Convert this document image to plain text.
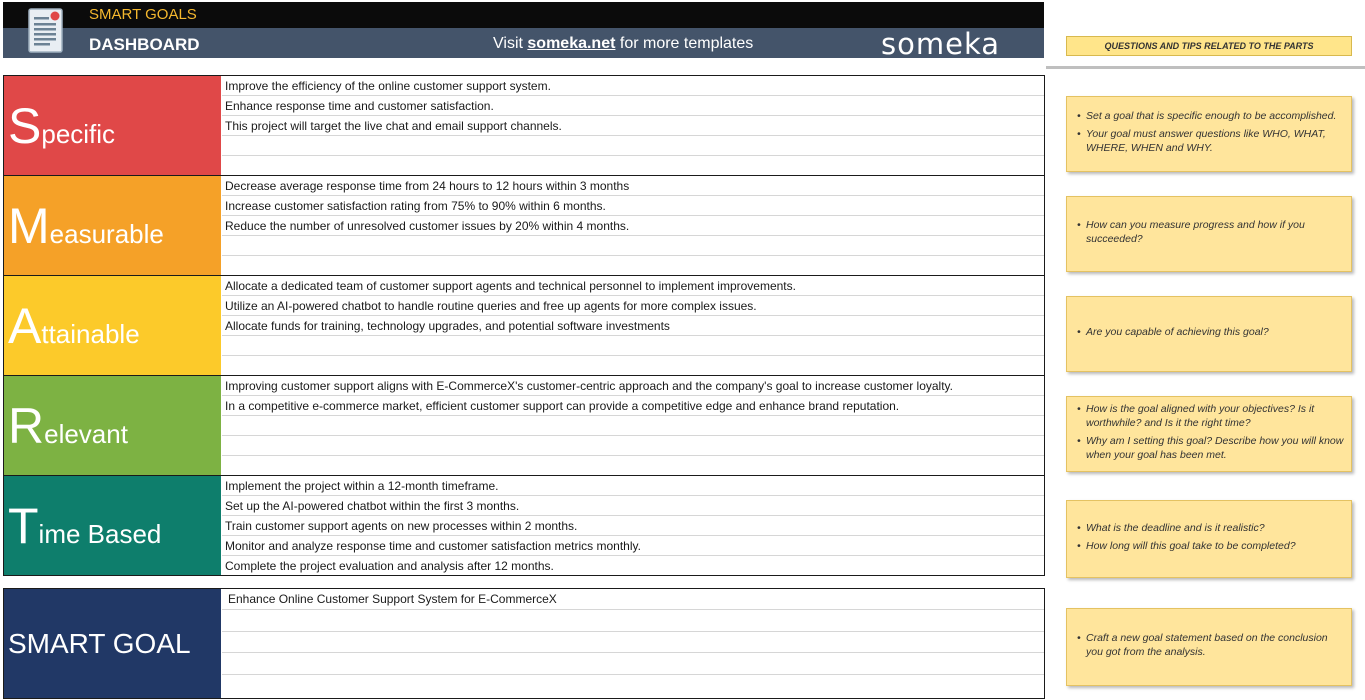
SMART GOALS
DASHBOARD	Visit someka.net for more templates	someka	QUESTIONS AND TIPS RELATED TO THE PARTS
Specific
Improve the efficiency of the online customer support system.
Enhance response time and customer satisfaction.
This project will target the live chat and email support channels.
Measurable
Decrease average response time from 24 hours to 12 hours within 3 months
Increase customer satisfaction rating from 75% to 90% within 6 months.
Reduce the number of unresolved customer issues by 20% within 4 months.
Attainable
Allocate a dedicated team of customer support agents and technical personnel to implement improvements.
Utilize an AI-powered chatbot to handle routine queries and free up agents for more complex issues.
Allocate funds for training, technology upgrades, and potential software investments
Relevant
Improving customer support aligns with E-CommerceX's customer-centric approach and the company's goal to increase customer loyalty.
In a competitive e-commerce market, efficient customer support can provide a competitive edge and enhance brand reputation.
Time Based
Implement the project within a 12-month timeframe.
Set up the AI-powered chatbot within the first 3 months.
Train customer support agents on new processes within 2 months.
Monitor and analyze response time and customer satisfaction metrics monthly.
Complete the project evaluation and analysis after 12 months.
SMART GOAL
Enhance Online Customer Support System for E-CommerceX
• Set a goal that is specific enough to be accomplished.
• Your goal must answer questions like WHO, WHAT, WHERE, WHEN and WHY.
• How can you measure progress and how if you succeeded?
• Are you capable of achieving this goal?
• How is the goal aligned with your objectives? Is it worthwhile? and Is it the right time?
• Why am I setting this goal? Describe how you will know when your goal has been met.
• What is the deadline and is it realistic?
• How long will this goal take to be completed?
• Craft a new goal statement based on the conclusion you got from the analysis.
